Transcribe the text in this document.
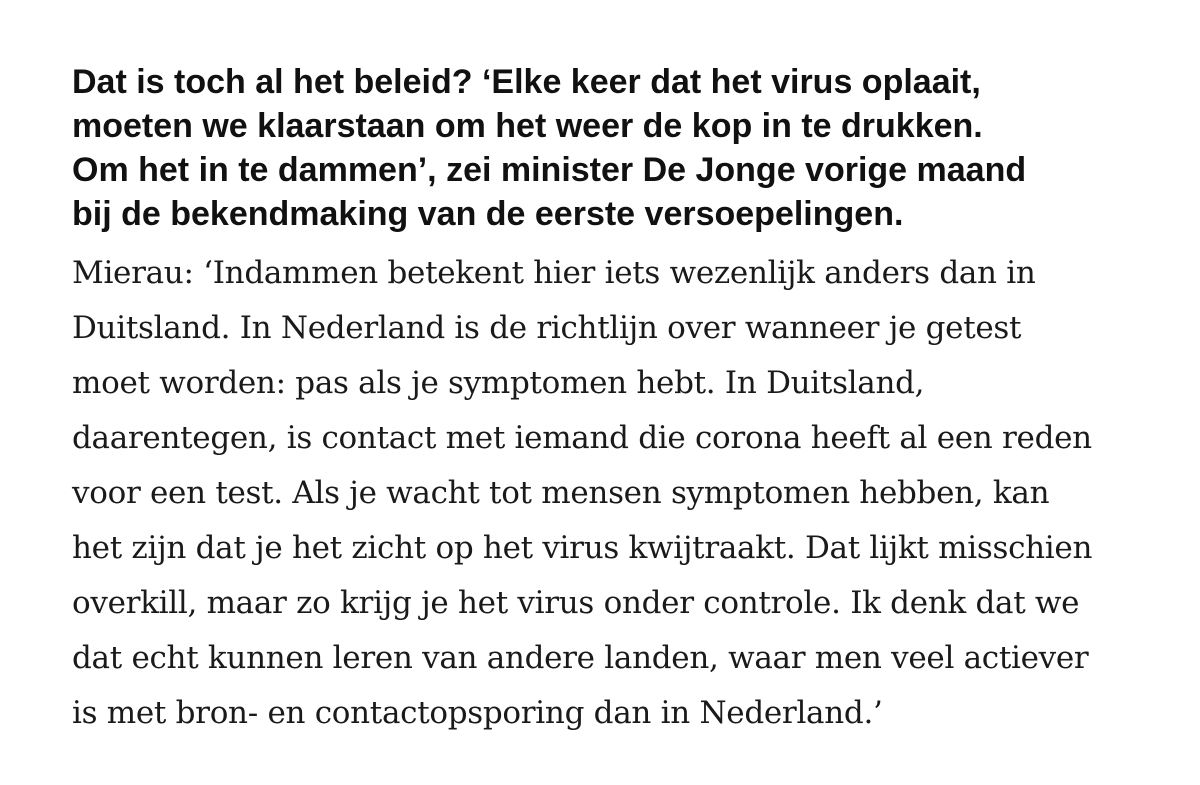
Dat is toch al het beleid? ‘Elke keer dat het virus oplaait,
moeten we klaarstaan om het weer de kop in te drukken.
Om het in te dammen’, zei minister De Jonge vorige maand
bij de bekendmaking van de eerste versoepelingen.

Mierau: ‘Indammen betekent hier iets wezenlijk anders dan in
Duitsland. In Nederland is de richtlijn over wanneer je getest
moet worden: pas als je symptomen hebt. In Duitsland,
daarentegen, is contact met iemand die corona heeft al een reden
voor een test. Als je wacht tot mensen symptomen hebben, kan
het zijn dat je het zicht op het virus kwijtraakt. Dat lijkt misschien
overkill, maar zo krijg je het virus onder controle. Ik denk dat we
dat echt kunnen leren van andere landen, waar men veel actiever
is met bron- en contactopsporing dan in Nederland.’
